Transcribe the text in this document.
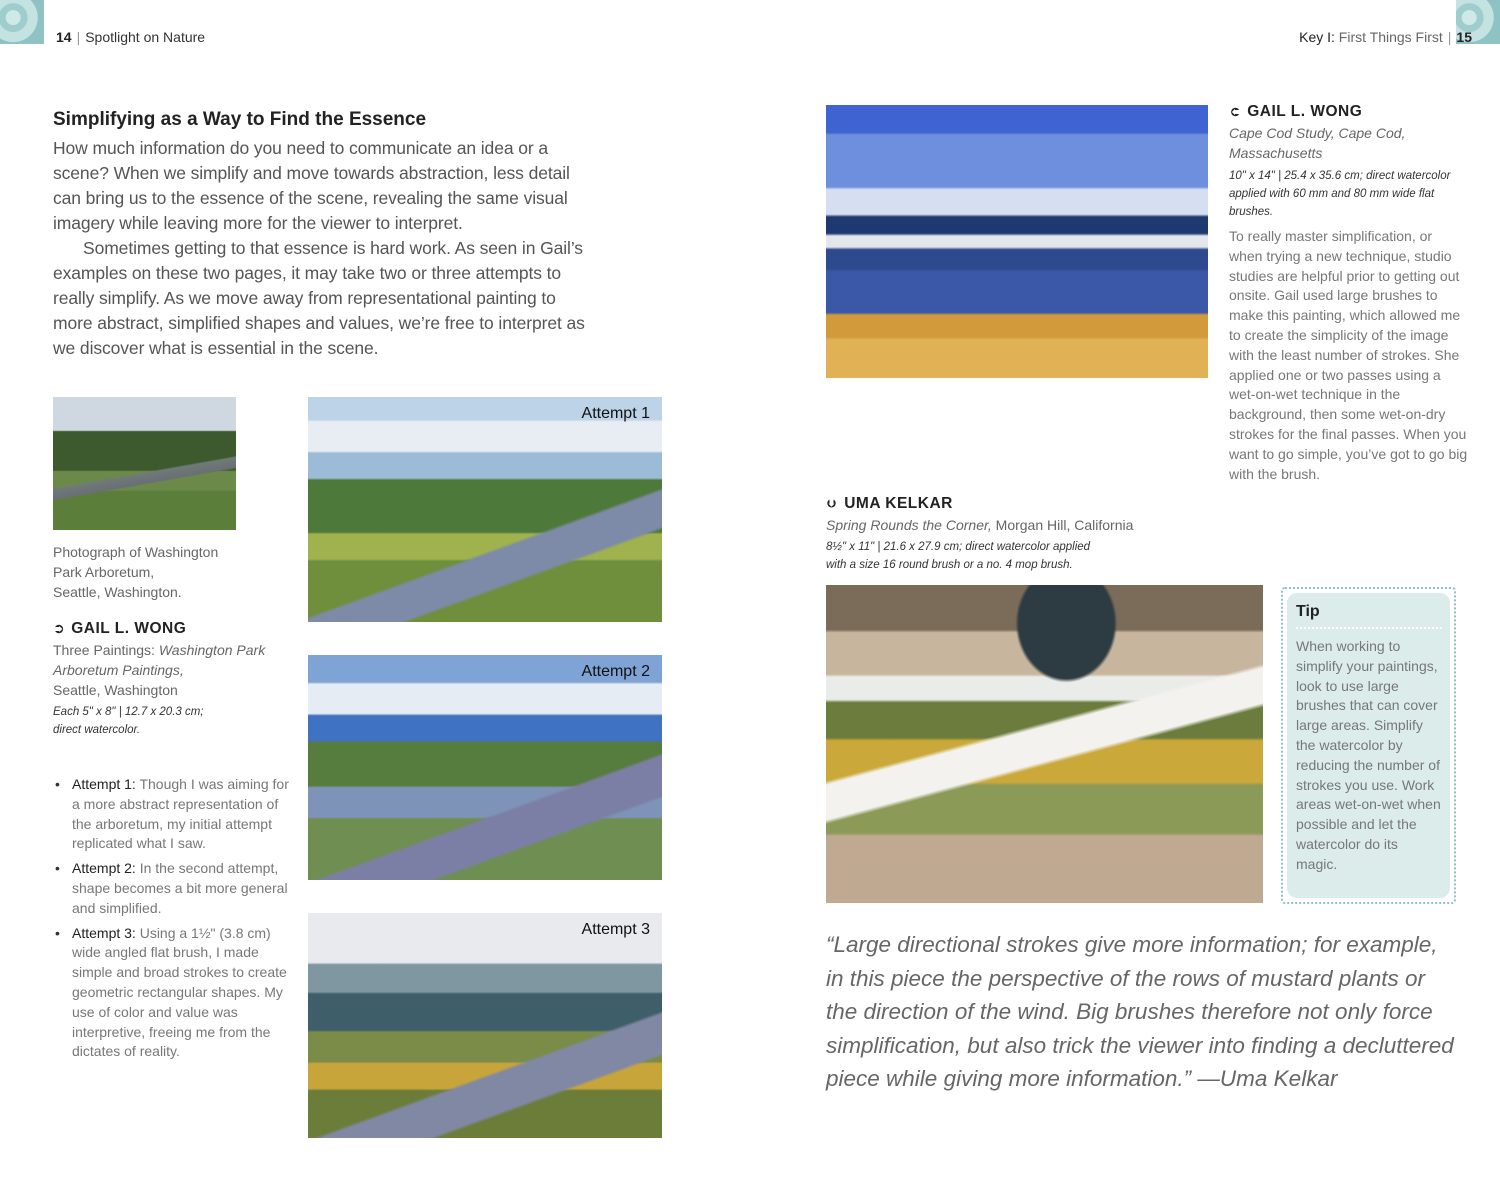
14 | Spotlight on Nature	Key I: First Things First | 15
Simplifying as a Way to Find the Essence

How much information do you need to communicate an idea or a scene? When we simplify and move towards abstraction, less detail can bring us to the essence of the scene, revealing the same visual imagery while leaving more for the viewer to interpret.

Sometimes getting to that essence is hard work. As seen in Gail’s examples on these two pages, it may take two or three attempts to really simplify. As we move away from representational painting to more abstract, simplified shapes and values, we’re free to interpret as we discover what is essential in the scene.

Photograph of Washington
Park Arboretum,
Seattle, Washington.
➲ GAIL L. WONG
Three Paintings: Washington Park
Arboretum Paintings,
Seattle, Washington
Each 5" x 8" | 12.7 x 20.3 cm;
direct watercolor.
Attempt 1
Attempt 2
Attempt 3
• Attempt 1: Though I was aiming for a more abstract representation of the arboretum, my initial attempt replicated what I saw.
• Attempt 2: In the second attempt, shape becomes a bit more general and simplified.
• Attempt 3: Using a 1½" (3.8 cm) wide angled flat brush, I made simple and broad strokes to create geometric rectangular shapes. My use of color and value was interpretive, freeing me from the dictates of reality.
➲ GAIL L. WONG
Cape Cod Study, Cape Cod,
Massachusetts
10" x 14" | 25.4 x 35.6 cm; direct watercolor applied with 60 mm and 80 mm wide flat brushes.
To really master simplification, or when trying a new technique, studio studies are helpful prior to getting out onsite. Gail used large brushes to make this painting, which allowed me to create the simplicity of the image with the least number of strokes. She applied one or two passes using a wet-on-wet technique in the background, then some wet-on-dry strokes for the final passes. When you want to go simple, you’ve got to go big with the brush.
➲ UMA KELKAR
Spring Rounds the Corner, Morgan Hill, California
8½" x 11" | 21.6 x 27.9 cm; direct watercolor applied
with a size 16 round brush or a no. 4 mop brush.
Tip
When working to simplify your paintings, look to use large brushes that can cover large areas. Simplify the watercolor by reducing the number of strokes you use. Work areas wet-on-wet when possible and let the watercolor do its magic.
“Large directional strokes give more information; for example, in this piece the perspective of the rows of mustard plants or the direction of the wind. Big brushes therefore not only force simplification, but also trick the viewer into finding a decluttered piece while giving more information.” —Uma Kelkar
